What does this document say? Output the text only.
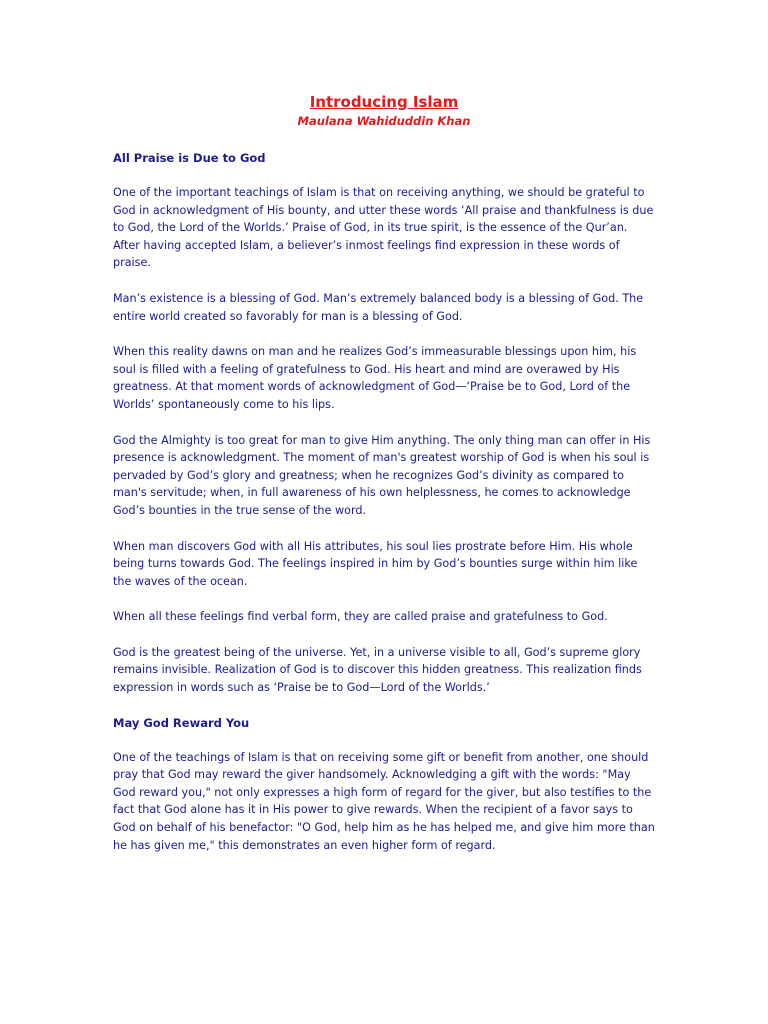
Introducing Islam
Maulana Wahiduddin Khan
All Praise is Due to God

One of the important teachings of Islam is that on receiving anything, we should be grateful to God in acknowledgment of His bounty, and utter these words ‘All praise and thankfulness is due to God, the Lord of the Worlds.’ Praise of God, in its true spirit, is the essence of the Qur’an. After having accepted Islam, a believer’s inmost feelings find expression in these words of praise.

Man’s existence is a blessing of God. Man’s extremely balanced body is a blessing of God. The entire world created so favorably for man is a blessing of God.

When this reality dawns on man and he realizes God’s immeasurable blessings upon him, his soul is filled with a feeling of gratefulness to God. His heart and mind are overawed by His greatness. At that moment words of acknowledgment of God—‘Praise be to God, Lord of the Worlds’ spontaneously come to his lips.

God the Almighty is too great for man to give Him anything. The only thing man can offer in His presence is acknowledgment. The moment of man's greatest worship of God is when his soul is pervaded by God’s glory and greatness; when he recognizes God’s divinity as compared to man's servitude; when, in full awareness of his own helplessness, he comes to acknowledge God’s bounties in the true sense of the word.

When man discovers God with all His attributes, his soul lies prostrate before Him. His whole being turns towards God. The feelings inspired in him by God’s bounties surge within him like the waves of the ocean.

When all these feelings find verbal form, they are called praise and gratefulness to God.

God is the greatest being of the universe. Yet, in a universe visible to all, God’s supreme glory remains invisible. Realization of God is to discover this hidden greatness. This realization finds expression in words such as ‘Praise be to God—Lord of the Worlds.’

May God Reward You

One of the teachings of Islam is that on receiving some gift or benefit from another, one should pray that God may reward the giver handsomely. Acknowledging a gift with the words: "May God reward you," not only expresses a high form of regard for the giver, but also testifies to the fact that God alone has it in His power to give rewards. When the recipient of a favor says to God on behalf of his benefactor: "O God, help him as he has helped me, and give him more than he has given me," this demonstrates an even higher form of regard.
